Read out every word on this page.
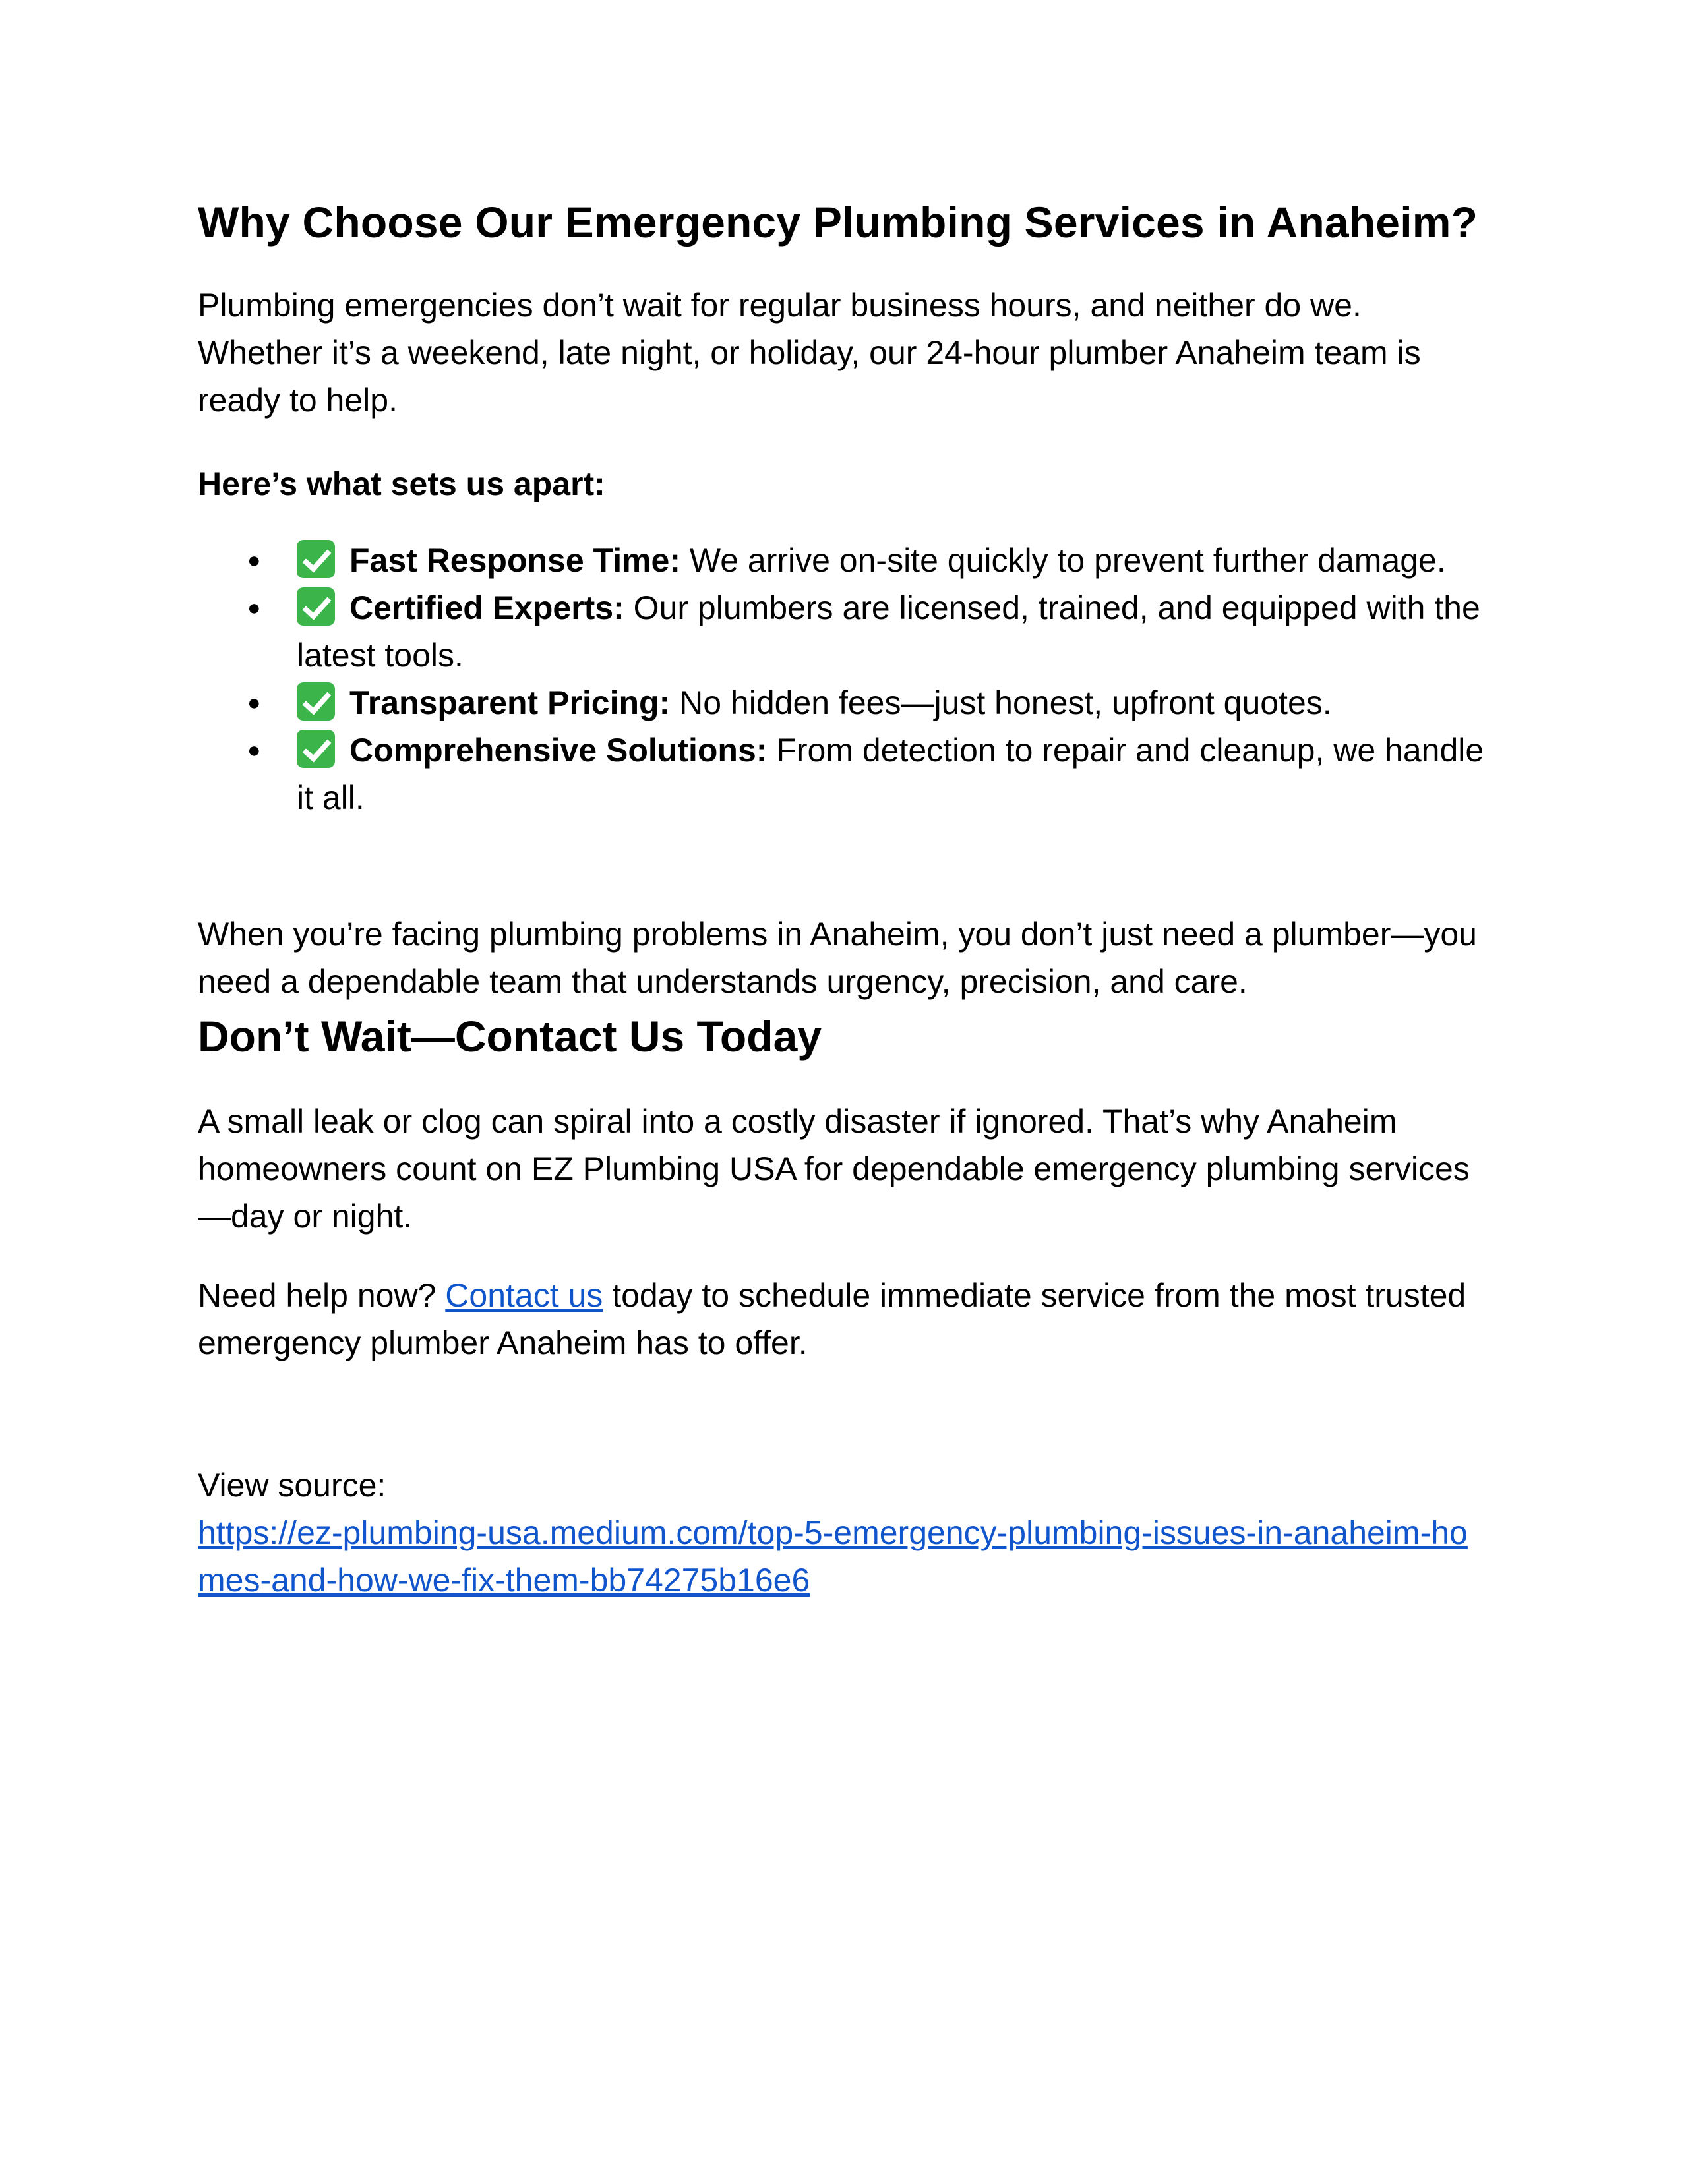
Why Choose Our Emergency Plumbing Services in Anaheim?

Plumbing emergencies don’t wait for regular business hours, and neither do we. Whether it’s a weekend, late night, or holiday, our 24-hour plumber Anaheim team is ready to help.

Here’s what sets us apart:

●	Fast Response Time: We arrive on-site quickly to prevent further damage.
●	Certified Experts: Our plumbers are licensed, trained, and equipped with the latest tools.
●	Transparent Pricing: No hidden fees—just honest, upfront quotes.
●	Comprehensive Solutions: From detection to repair and cleanup, we handle it all.

When you’re facing plumbing problems in Anaheim, you don’t just need a plumber—you need a dependable team that understands urgency, precision, and care.

Don’t Wait—Contact Us Today

A small leak or clog can spiral into a costly disaster if ignored. That’s why Anaheim homeowners count on EZ Plumbing USA for dependable emergency plumbing services—day or night.

Need help now? Contact us today to schedule immediate service from the most trusted emergency plumber Anaheim has to offer.

View source:
https://ez-plumbing-usa.medium.com/top-5-emergency-plumbing-issues-in-anaheim-homes-and-how-we-fix-them-bb74275b16e6
